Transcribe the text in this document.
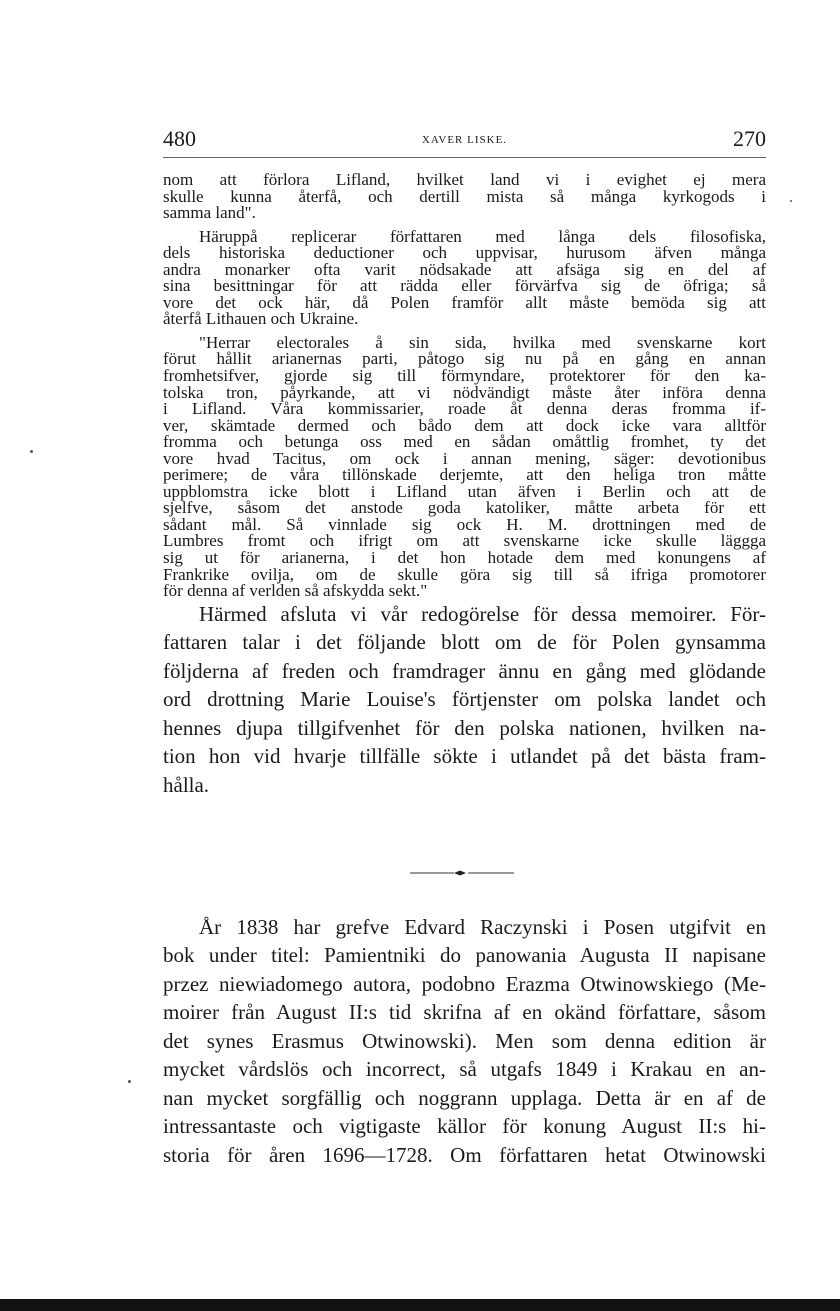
480	XAVER LISKE.	270
nom att förlora Lifland, hvilket land vi i evighet ej mera
skulle kunna återfå, och dertill mista så många kyrkogods i
samma land".
Häruppå replicerar författaren med långa dels filosofiska,
dels historiska deductioner och uppvisar, hurusom äfven många
andra monarker ofta varit nödsakade att afsäga sig en del af
sina besittningar för att rädda eller förvärfva sig de öfriga; så
vore det ock här, då Polen framför allt måste bemöda sig att
återfå Lithauen och Ukraine.
"Herrar electorales å sin sida, hvilka med svenskarne kort
förut hållit arianernas parti, påtogo sig nu på en gång en annan
fromhetsifver, gjorde sig till förmyndare, protektorer för den ka-
tolska tron, påyrkande, att vi nödvändigt måste åter införa denna
i Lifland. Våra kommissarier, roade åt denna deras fromma if-
ver, skämtade dermed och bådo dem att dock icke vara alltför
fromma och betunga oss med en sådan omåttlig fromhet, ty det
vore hvad Tacitus, om ock i annan mening, säger: devotionibus
perimere; de våra tillönskade derjemte, att den heliga tron måtte
uppblomstra icke blott i Lifland utan äfven i Berlin och att de
sjelfve, såsom det anstode goda katoliker, måtte arbeta för ett
sådant mål. Så vinnlade sig ock H. M. drottningen med de
Lumbres fromt och ifrigt om att svenskarne icke skulle läggga
sig ut för arianerna, i det hon hotade dem med konungens af
Frankrike ovilja, om de skulle göra sig till så ifriga promotorer
för denna af verlden så afskydda sekt."
Härmed afsluta vi vår redogörelse för dessa memoirer. För-
fattaren talar i det följande blott om de för Polen gynsamma
följderna af freden och framdrager ännu en gång med glödande
ord drottning Marie Louise's förtjenster om polska landet och
hennes djupa tillgifvenhet för den polska nationen, hvilken na-
tion hon vid hvarje tillfälle sökte i utlandet på det bästa fram-
hålla.
År 1838 har grefve Edvard Raczynski i Posen utgifvit en
bok under titel: Pamientniki do panowania Augusta II napisane
przez niewiadomego autora, podobno Erazma Otwinowskiego (Me-
moirer från August II:s tid skrifna af en okänd författare, såsom
det synes Erasmus Otwinowski). Men som denna edition är
mycket vårdslös och incorrect, så utgafs 1849 i Krakau en an-
nan mycket sorgfällig och noggrann upplaga. Detta är en af de
intressantaste och vigtigaste källor för konung August II:s hi-
storia för åren 1696—1728. Om författaren hetat Otwinowski
